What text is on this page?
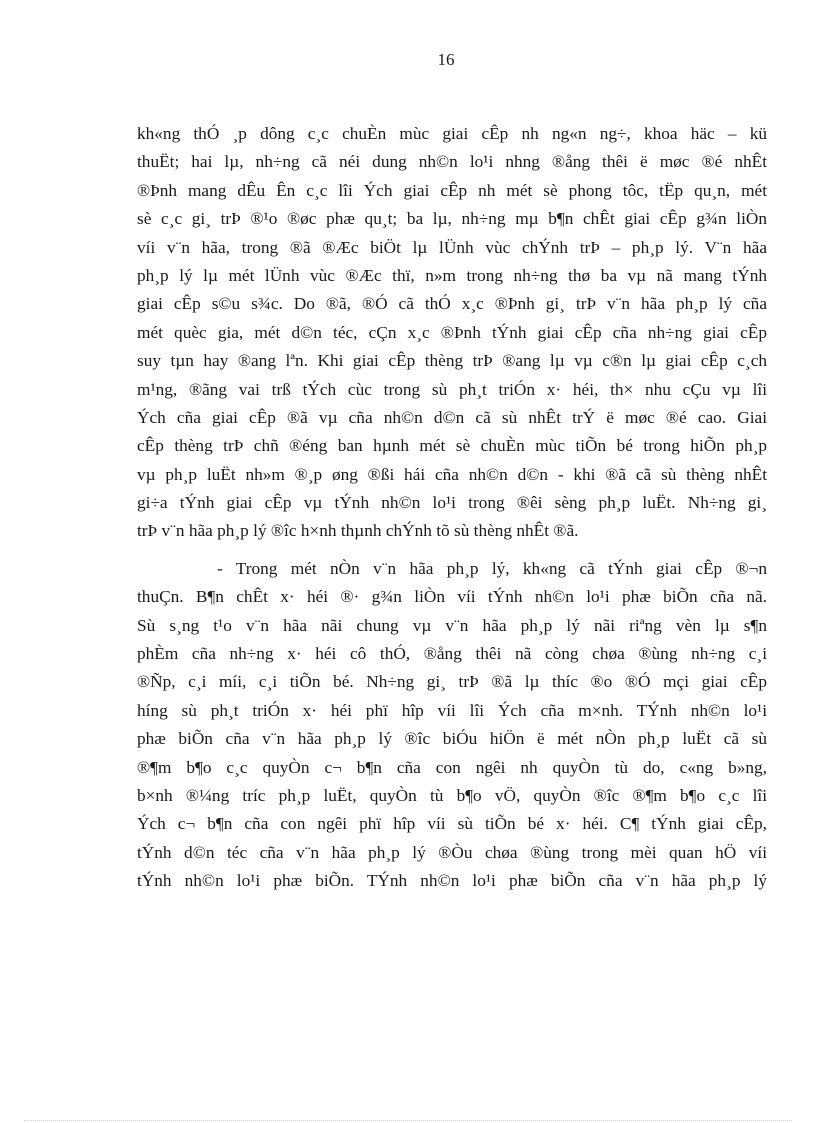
16
kh«ng thÓ ¸p dông c¸c chuÈn mùc giai cÊp nh ng«n ng÷, khoa häc – kü
thuËt; hai lµ, nh÷ng cã néi dung nh©n lo¹i nhng ®ång thêi ë møc ®é nhÊt
®Þnh mang dÊu Ên c¸c lîi Ých giai cÊp nh mét sè phong tôc, tËp qu¸n, mét
sè c¸c gi¸ trÞ ®¹o ®øc phæ qu¸t; ba lµ, nh÷ng mµ b¶n chÊt giai cÊp g¾n liÒn
víi v¨n hãa, trong ®ã ®Æc biÖt lµ lÜnh vùc chÝnh trÞ – ph¸p lý. V¨n hãa
ph¸p lý lµ mét lÜnh vùc ®Æc thï, n»m trong nh÷ng thø ba vµ nã mang tÝnh
giai cÊp s©u s¾c. Do ®ã, ®Ó cã thÓ x¸c ®Þnh gi¸ trÞ v¨n hãa ph¸p lý cña
mét quèc gia, mét d©n téc, cÇn x¸c ®Þnh tÝnh giai cÊp cña nh÷ng giai cÊp
suy tµn hay ®ang lªn. Khi giai cÊp thèng trÞ ®ang lµ vµ c®n lµ giai cÊp c¸ch
m¹ng, ®ãng vai trß tÝch cùc trong sù ph¸t triÓn x· héi, th× nhu cÇu vµ lîi
Ých cña giai cÊp ®ã vµ cña nh©n d©n cã sù nhÊt trÝ ë møc ®é cao. Giai
cÊp thèng trÞ chñ ®éng ban hµnh mét sè chuÈn mùc tiÕn bé trong hiÕn ph¸p
vµ ph¸p luËt nh»m ®¸p øng ®ßi hái cña nh©n d©n - khi ®ã cã sù thèng nhÊt
gi÷a tÝnh giai cÊp vµ tÝnh nh©n lo¹i trong ®êi sèng ph¸p luËt. Nh÷ng gi¸
trÞ v¨n hãa ph¸p lý ®îc h×nh thµnh chÝnh tõ sù thèng nhÊt ®ã.
- Trong mét nÒn v¨n hãa ph¸p lý, kh«ng cã tÝnh giai cÊp ®¬n
thuÇn. B¶n chÊt x· héi ®· g¾n liÒn víi tÝnh nh©n lo¹i phæ biÕn cña nã.
Sù s¸ng t¹o v¨n hãa nãi chung vµ v¨n hãa ph¸p lý nãi riªng vèn lµ s¶n
phÈm cña nh÷ng x· héi cô thÓ, ®ång thêi nã còng chøa ®ùng nh÷ng c¸i
®Ñp, c¸i míi, c¸i tiÕn bé. Nh÷ng gi¸ trÞ ®ã lµ thíc ®o ®Ó mçi giai cÊp
híng sù ph¸t triÓn x· héi phï hîp víi lîi Ých cña m×nh. TÝnh nh©n lo¹i
phæ biÕn cña v¨n hãa ph¸p lý ®îc biÓu hiÖn ë mét nÒn ph¸p luËt cã sù
®¶m b¶o c¸c quyÒn c¬ b¶n cña con ngêi nh quyÒn tù do, c«ng b»ng,
b×nh ®¼ng tríc ph¸p luËt, quyÒn tù b¶o vÖ, quyÒn ®îc ®¶m b¶o c¸c lîi
Ých c¬ b¶n cña con ngêi phï hîp víi sù tiÕn bé x· héi. C¶ tÝnh giai cÊp,
tÝnh d©n téc cña v¨n hãa ph¸p lý ®Òu chøa ®ùng trong mèi quan hÖ víi
tÝnh nh©n lo¹i phæ biÕn. TÝnh nh©n lo¹i phæ biÕn cña v¨n hãa ph¸p lý
